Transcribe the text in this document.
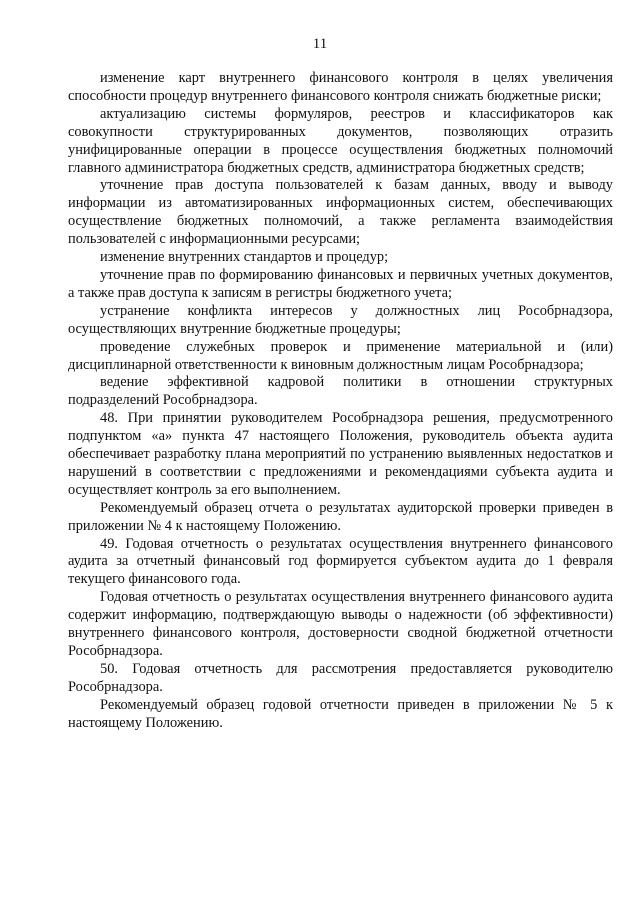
11

изменение карт внутреннего финансового контроля в целях увеличения способности процедур внутреннего финансового контроля снижать бюджетные риски;

актуализацию системы формуляров, реестров и классификаторов как совокупности структурированных документов, позволяющих отразить унифицированные операции в процессе осуществления бюджетных полномочий главного администратора бюджетных средств, администратора бюджетных средств;

уточнение прав доступа пользователей к базам данных, вводу и выводу информации из автоматизированных информационных систем, обеспечивающих осуществление бюджетных полномочий, а также регламента взаимодействия пользователей с информационными ресурсами;

изменение внутренних стандартов и процедур;

уточнение прав по формированию финансовых и первичных учетных документов, а также прав доступа к записям в регистры бюджетного учета;

устранение конфликта интересов у должностных лиц Рособрнадзора, осуществляющих внутренние бюджетные процедуры;

проведение служебных проверок и применение материальной и (или) дисциплинарной ответственности к виновным должностным лицам Рособрнадзора;

ведение эффективной кадровой политики в отношении структурных подразделений Рособрнадзора.

48. При принятии руководителем Рособрнадзора решения, предусмотренного подпунктом «а» пункта 47 настоящего Положения, руководитель объекта аудита обеспечивает разработку плана мероприятий по устранению выявленных недостатков и нарушений в соответствии с предложениями и рекомендациями субъекта аудита и осуществляет контроль за его выполнением.

Рекомендуемый образец отчета о результатах аудиторской проверки приведен в приложении № 4 к настоящему Положению.

49. Годовая отчетность о результатах осуществления внутреннего финансового аудита за отчетный финансовый год формируется субъектом аудита до 1 февраля текущего финансового года.

Годовая отчетность о результатах осуществления внутреннего финансового аудита содержит информацию, подтверждающую выводы о надежности (об эффективности) внутреннего финансового контроля, достоверности сводной бюджетной отчетности Рособрнадзора.

50. Годовая отчетность для рассмотрения предоставляется руководителю Рособрнадзора.

Рекомендуемый образец годовой отчетности приведен в приложении № 5 к настоящему Положению.
